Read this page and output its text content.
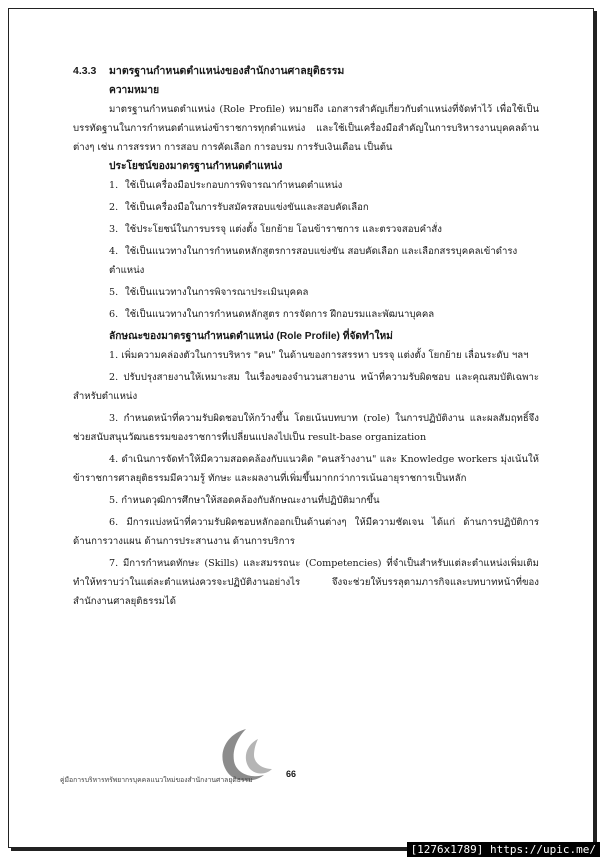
4.3.3 มาตรฐานกำหนดตำแหน่งของสำนักงานศาลยุติธรรม
ความหมาย

มาตรฐานกำหนดตำแหน่ง (Role Profile) หมายถึง เอกสารสำคัญเกี่ยวกับตำแหน่งที่จัดทำไว้ เพื่อใช้เป็นบรรทัดฐานในการกำหนดตำแหน่งข้าราชการทุกตำแหน่ง และใช้เป็นเครื่องมือสำคัญในการบริหารงานบุคคลด้านต่างๆ เช่น การสรรหา การสอบ การคัดเลือก การอบรม การรับเงินเดือน เป็นต้น

ประโยชน์ของมาตรฐานกำหนดตำแหน่ง

1. ใช้เป็นเครื่องมือประกอบการพิจารณากำหนดตำแหน่ง

2. ใช้เป็นเครื่องมือในการรับสมัครสอบแข่งขันและสอบคัดเลือก

3. ใช้ประโยชน์ในการบรรจุ แต่งตั้ง โยกย้าย โอนข้าราชการ และตรวจสอบคำสั่ง

4. ใช้เป็นแนวทางในการกำหนดหลักสูตรการสอบแข่งขัน สอบคัดเลือก และเลือกสรรบุคคลเข้าดำรงตำแหน่ง

5. ใช้เป็นแนวทางในการพิจารณาประเมินบุคคล

6. ใช้เป็นแนวทางในการกำหนดหลักสูตร การจัดการ ฝึกอบรมและพัฒนาบุคคล

ลักษณะของมาตรฐานกำหนดตำแหน่ง (Role Profile) ที่จัดทำใหม่

1. เพิ่มความคล่องตัวในการบริหาร "คน" ในด้านของการสรรหา บรรจุ แต่งตั้ง โยกย้าย เลื่อนระดับ ฯลฯ

2. ปรับปรุงสายงานให้เหมาะสม ในเรื่องของจำนวนสายงาน หน้าที่ความรับผิดชอบ และคุณสมบัติเฉพาะสำหรับตำแหน่ง

3. กำหนดหน้าที่ความรับผิดชอบให้กว้างขึ้น โดยเน้นบทบาท (role) ในการปฏิบัติงาน และผลสัมฤทธิ์จึงช่วยสนับสนุนวัฒนธรรมของราชการที่เปลี่ยนแปลงไปเป็น result-base organization

4. ดำเนินการจัดทำให้มีความสอดคล้องกับแนวคิด "คนสร้างงาน" และ Knowledge workers มุ่งเน้นให้ข้าราชการศาลยุติธรรมมีความรู้ ทักษะ และผลงานที่เพิ่มขึ้นมากกว่าการเน้นอายุราชการเป็นหลัก

5. กำหนดวุฒิการศึกษาให้สอดคล้องกับลักษณะงานที่ปฏิบัติมากขึ้น

6. มีการแบ่งหน้าที่ความรับผิดชอบหลักออกเป็นด้านต่างๆ ให้มีความชัดเจน ได้แก่ ด้านการปฏิบัติการ ด้านการวางแผน ด้านการประสานงาน ด้านการบริการ

7. มีการกำหนดทักษะ (Skills) และสมรรถนะ (Competencies) ที่จำเป็นสำหรับแต่ละตำแหน่งเพิ่มเติมทำให้ทราบว่าในแต่ละตำแหน่งควรจะปฏิบัติงานอย่างไร จึงจะช่วยให้บรรลุตามภารกิจและบทบาทหน้าที่ของสำนักงานศาลยุติธรรมได้

คู่มือการบริหารทรัพยากรบุคคลแนวใหม่ของสำนักงานศาลยุติธรรม
66
[1276x1789] https://upic.me/
